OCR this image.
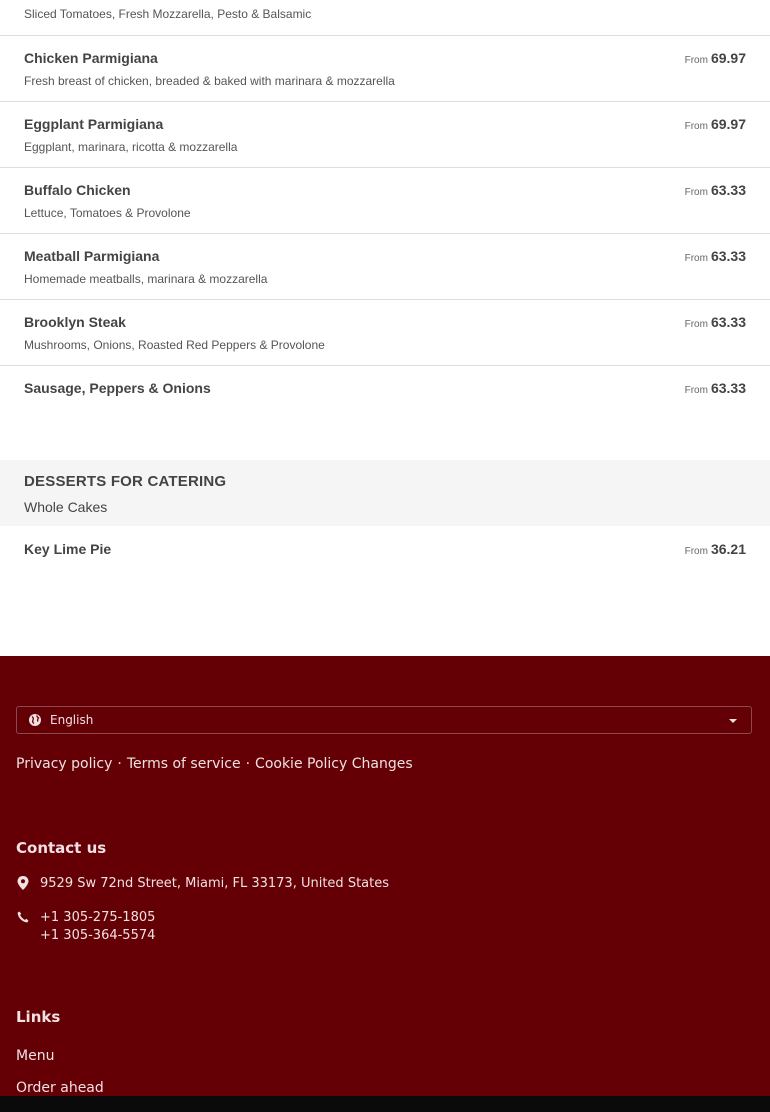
Sliced Tomatoes, Fresh Mozzarella, Pesto & Balsamic
Chicken Parmigiana
Fresh breast of chicken, breaded & baked with marinara & mozzarella
From 69.97
Eggplant Parmigiana
Eggplant, marinara, ricotta & mozzarella
From 69.97
Buffalo Chicken
Lettuce, Tomatoes & Provolone
From 63.33
Meatball Parmigiana
Homemade meatballs, marinara & mozzarella
From 63.33
Brooklyn Steak
Mushrooms, Onions, Roasted Red Peppers & Provolone
From 63.33
Sausage, Peppers & Onions	From 63.33
DESSERTS FOR CATERING
Whole Cakes
Key Lime Pie	From 36.21
English
Privacy policy · Terms of service · Cookie Policy Changes
Contact us
9529 Sw 72nd Street, Miami, FL 33173, United States
+1 305-275-1805
+1 305-364-5574
Links
Menu
Order ahead
